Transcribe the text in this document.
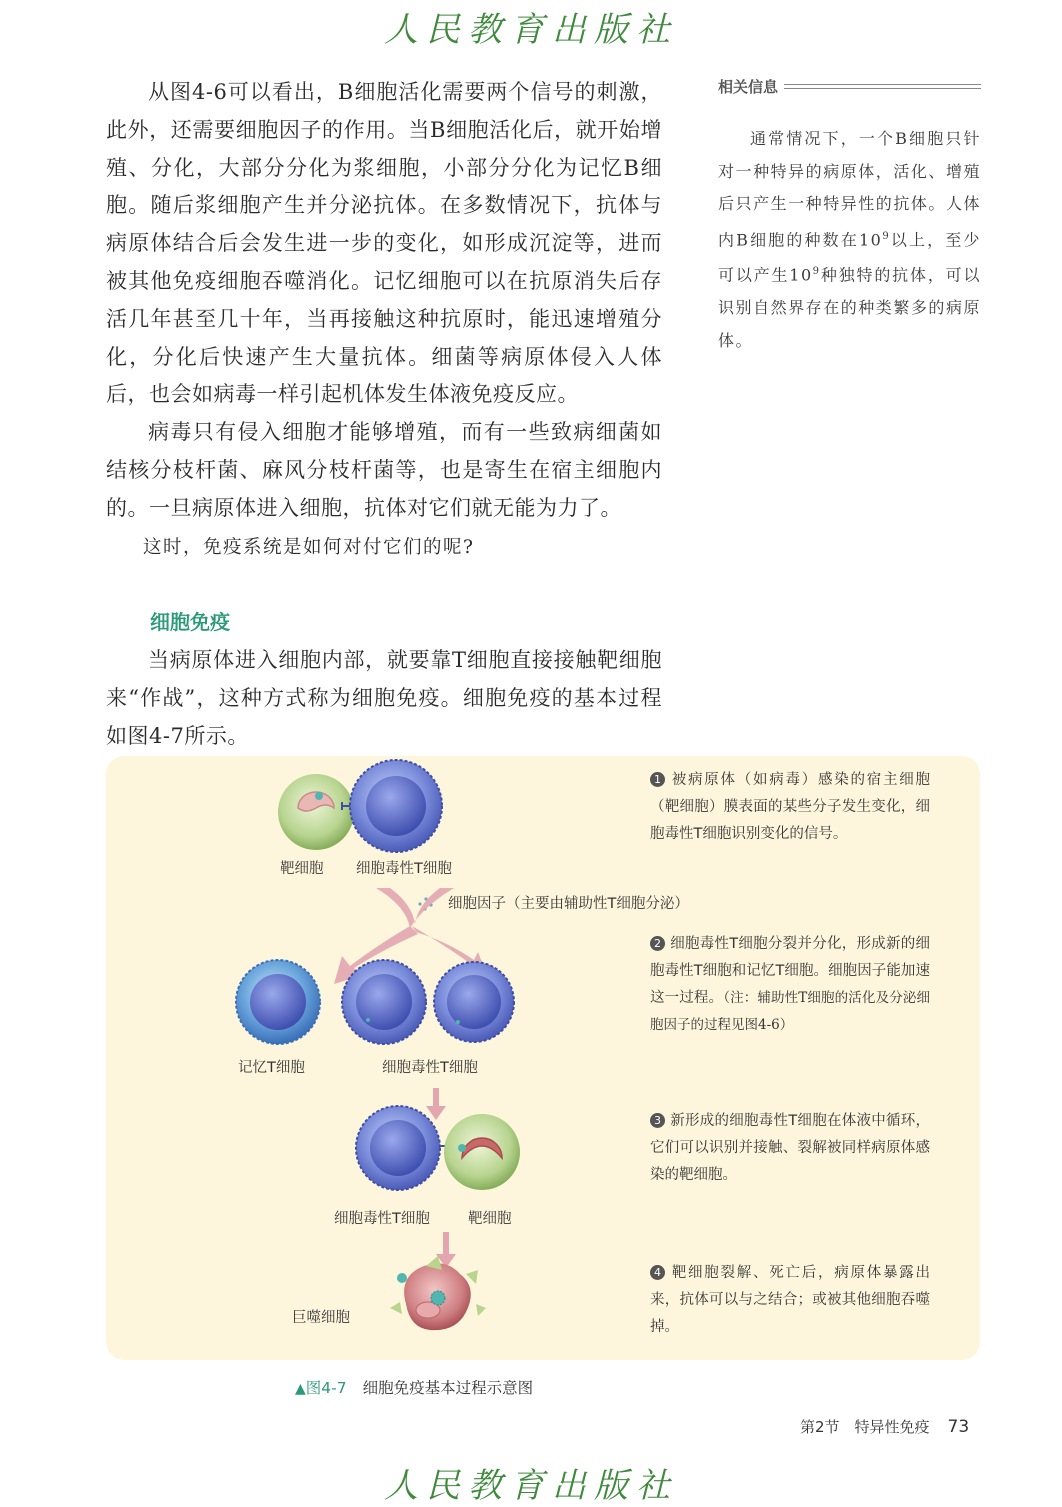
人民教育出版社

从图4-6可以看出，B细胞活化需要两个信号的刺激，此外，还需要细胞因子的作用。当B细胞活化后，就开始增殖、分化，大部分分化为浆细胞，小部分分化为记忆B细胞。随后浆细胞产生并分泌抗体。在多数情况下，抗体与病原体结合后会发生进一步的变化，如形成沉淀等，进而被其他免疫细胞吞噬消化。记忆细胞可以在抗原消失后存活几年甚至几十年，当再接触这种抗原时，能迅速增殖分化，分化后快速产生大量抗体。细菌等病原体侵入人体后，也会如病毒一样引起机体发生体液免疫反应。

病毒只有侵入细胞才能够增殖，而有一些致病细菌如结核分枝杆菌、麻风分枝杆菌等，也是寄生在宿主细胞内的。一旦病原体进入细胞，抗体对它们就无能为力了。

这时，免疫系统是如何对付它们的呢?

相关信息
通常情况下，一个B细胞只针对一种特异的病原体，活化、增殖后只产生一种特异性的抗体。人体内B细胞的种数在$10^9$以上，至少可以产生$10^9$种独特的抗体，可以识别自然界存在的种类繁多的病原体。
细胞免疫

当病原体进入细胞内部，就要靠T细胞直接接触靶细胞来“作战”，这种方式称为细胞免疫。细胞免疫的基本过程如图4-7所示。

靶细胞 细胞毒性T细胞
细胞因子（主要由辅助性T细胞分泌）
记忆T细胞	细胞毒性T细胞
细胞毒性T细胞	靶细胞
巨噬细胞
1 被病原体（如病毒）感染的宿主细胞（靶细胞）膜表面的某些分子发生变化，细胞毒性T细胞识别变化的信号。
2 细胞毒性T细胞分裂并分化，形成新的细胞毒性T细胞和记忆T细胞。细胞因子能加速这一过程。（注：辅助性T细胞的活化及分泌细胞因子的过程见图4-6）
3 新形成的细胞毒性T细胞在体液中循环，它们可以识别并接触、裂解被同样病原体感染的靶细胞。
4 靶细胞裂解、死亡后，病原体暴露出来，抗体可以与之结合；或被其他细胞吞噬掉。
▲图4-7 细胞免疫基本过程示意图
第2节　特异性免疫 73
人民教育出版社
